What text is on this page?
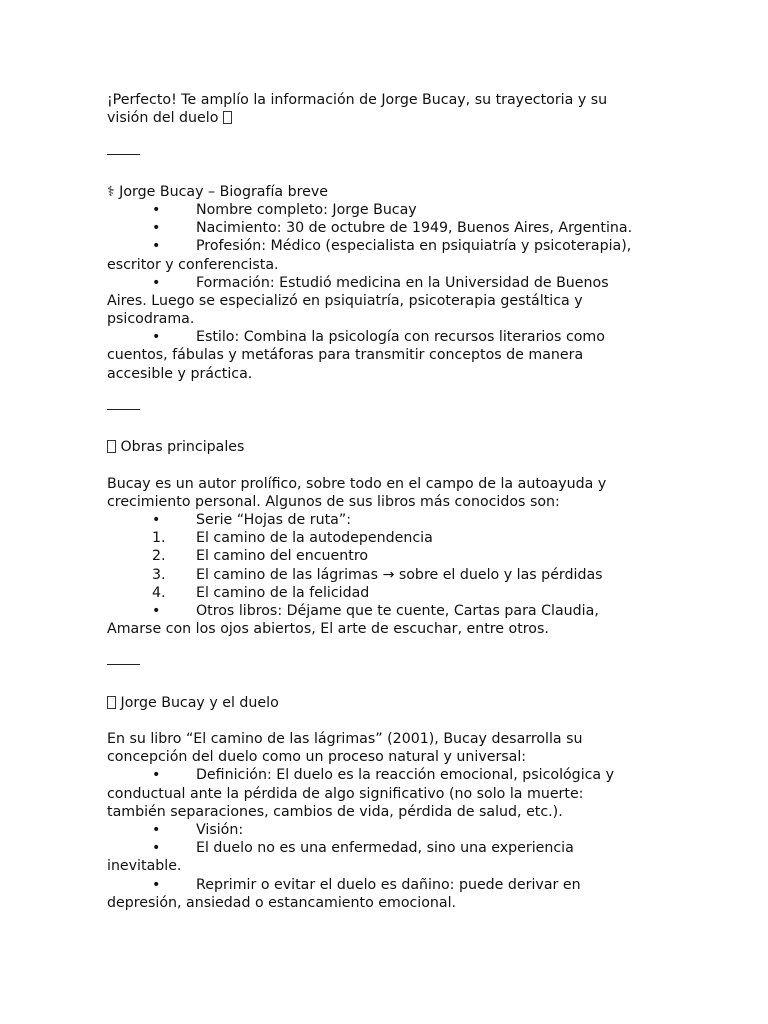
¡Perfecto! Te amplío la información de Jorge Bucay, su trayectoria y su
visión del duelo
⚕ Jorge Bucay – Biografía breve
•	Nombre completo: Jorge Bucay
•	Nacimiento: 30 de octubre de 1949, Buenos Aires, Argentina.
•	Profesión: Médico (especialista en psiquiatría y psicoterapia),
escritor y conferencista.
•	Formación: Estudió medicina en la Universidad de Buenos
Aires. Luego se especializó en psiquiatría, psicoterapia gestáltica y
psicodrama.
•	Estilo: Combina la psicología con recursos literarios como
cuentos, fábulas y metáforas para transmitir conceptos de manera
accesible y práctica.
Obras principales
Bucay es un autor prolífico, sobre todo en el campo de la autoayuda y
crecimiento personal. Algunos de sus libros más conocidos son:
•	Serie “Hojas de ruta”:
1. El camino de la autodependencia
2. El camino del encuentro
3. El camino de las lágrimas → sobre el duelo y las pérdidas
4. El camino de la felicidad
•	Otros libros: Déjame que te cuente, Cartas para Claudia,
Amarse con los ojos abiertos, El arte de escuchar, entre otros.
Jorge Bucay y el duelo
En su libro “El camino de las lágrimas” (2001), Bucay desarrolla su
concepción del duelo como un proceso natural y universal:
•	Definición: El duelo es la reacción emocional, psicológica y
conductual ante la pérdida de algo significativo (no solo la muerte:
también separaciones, cambios de vida, pérdida de salud, etc.).
•	Visión:
•	El duelo no es una enfermedad, sino una experiencia
inevitable.
•	Reprimir o evitar el duelo es dañino: puede derivar en
depresión, ansiedad o estancamiento emocional.
